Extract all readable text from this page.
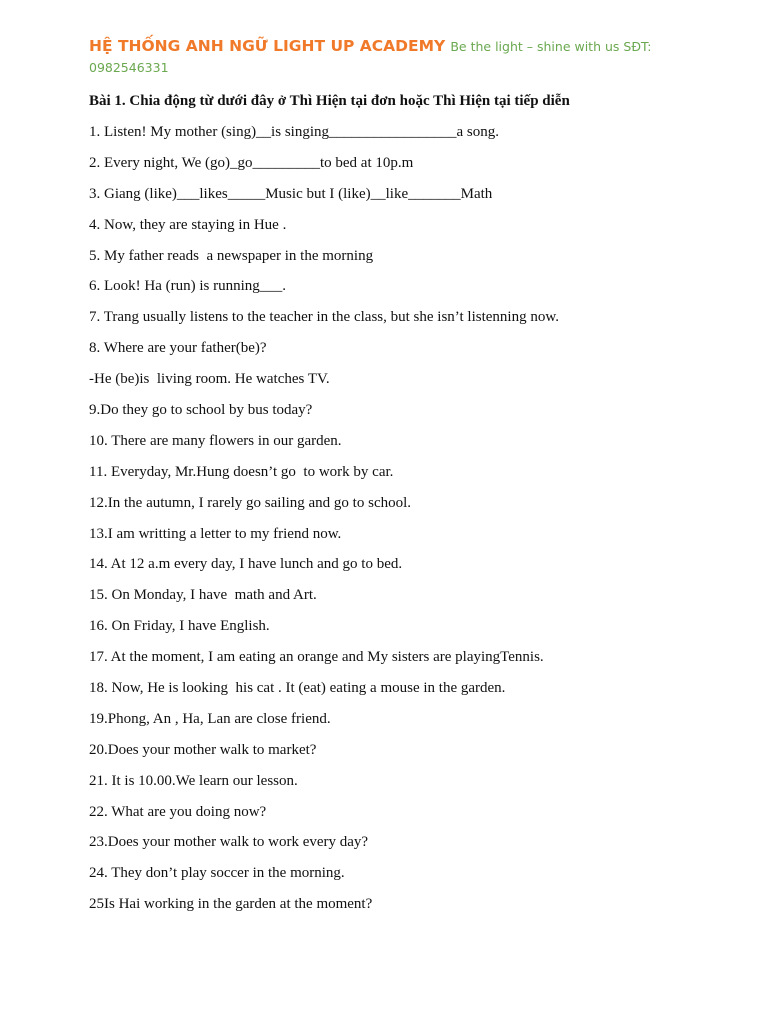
HỆ THỐNG ANH NGỮ LIGHT UP ACADEMY Be the light – shine with us SĐT: 0982546331
Bài 1. Chia động từ dưới đây ở Thì Hiện tại đơn hoặc Thì Hiện tại tiếp diễn
1. Listen! My mother (sing)__is singing_________________a song.
2. Every night, We (go)_go_________to bed at 10p.m
3. Giang (like)___likes_____Music but I (like)__like_______Math
4. Now, they are staying in Hue .
5. My father reads  a newspaper in the morning
6. Look! Ha (run) is running___.
7. Trang usually listens to the teacher in the class, but she isn’t listenning now.
8. Where are your father(be)?
-He (be)is  living room. He watches TV.
9.Do they go to school by bus today?
10. There are many flowers in our garden.
11. Everyday, Mr.Hung doesn’t go  to work by car.
12.In the autumn, I rarely go sailing and go to school.
13.I am writting a letter to my friend now.
14. At 12 a.m every day, I have lunch and go to bed.
15. On Monday, I have  math and Art.
16. On Friday, I have English.
17. At the moment, I am eating an orange and My sisters are playingTennis.
18. Now, He is looking  his cat . It (eat) eating a mouse in the garden.
19.Phong, An , Ha, Lan are close friend.
20.Does your mother walk to market?
21. It is 10.00.We learn our lesson.
22. What are you doing now?
23.Does your mother walk to work every day?
24. They don’t play soccer in the morning.
25Is Hai working in the garden at the moment?
